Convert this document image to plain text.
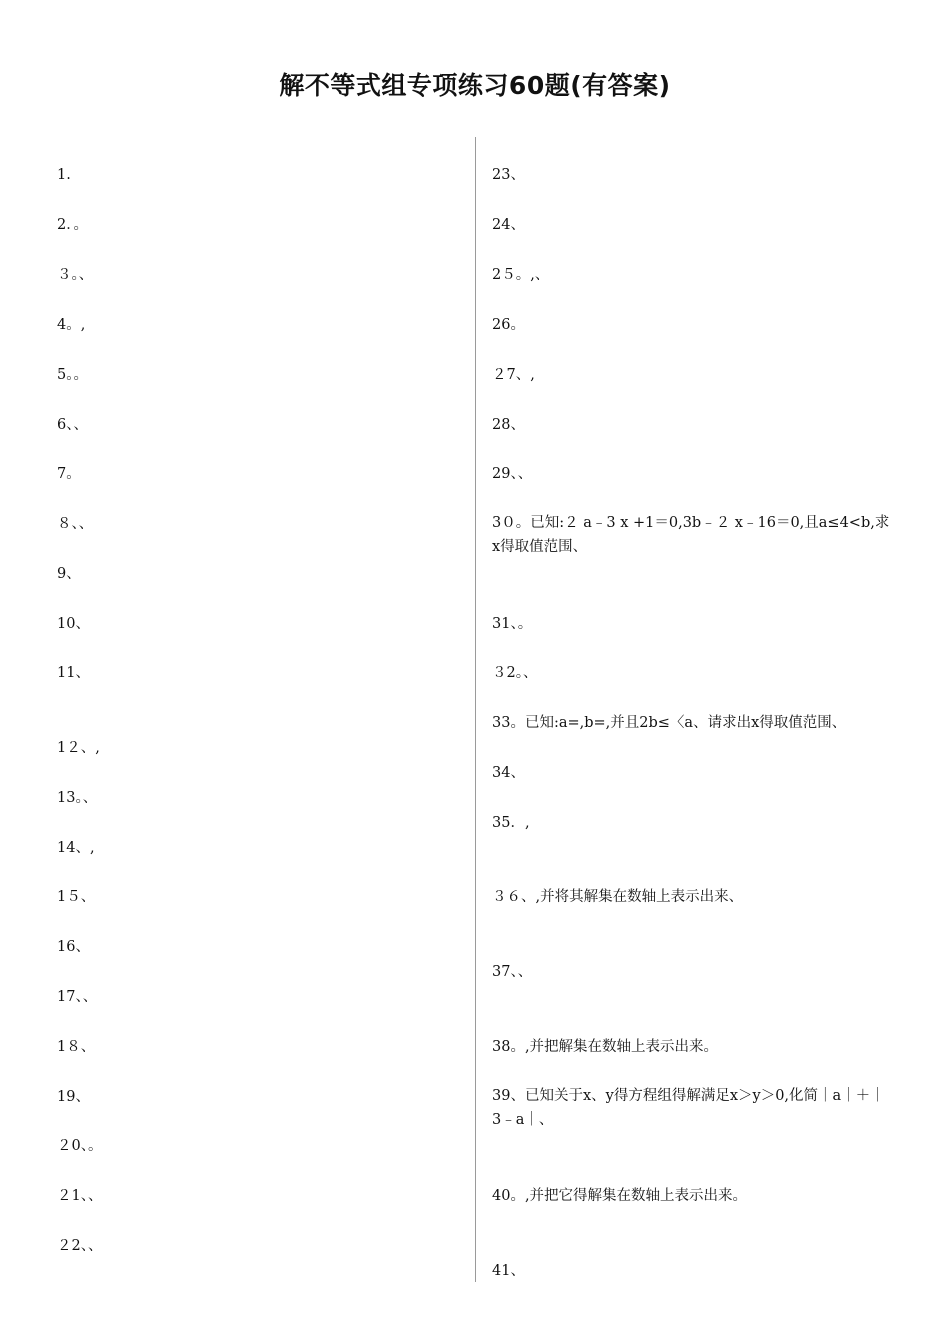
解不等式组专项练习60题(有答案)
1.
2．。
３。、
4。,
5。。
6、、
7。
８、、
9、
10、
11、
1２、,
13。、
14、,
1５、
16、
17、、
1８、
19、
２0、。
２1、、
２2、、
23、
24、
2５。,、
26。
２7、,
28、
29、、
3０。已知:２ a﹣3 x +1＝0,3b﹣２ x﹣16＝0,且a≤4<b,求x得取值范围、
31、。
３2。、
33。已知:a=,b=,并且2b≤〈a、请求出x得取值范围、
34、
35．,
３６、,并将其解集在数轴上表示出来、
37、、
38。,并把解集在数轴上表示出来。
39、已知关于x、y得方程组得解满足x＞y＞0,化简｜a｜＋｜3﹣a｜、
40。,并把它得解集在数轴上表示出来。
41、
